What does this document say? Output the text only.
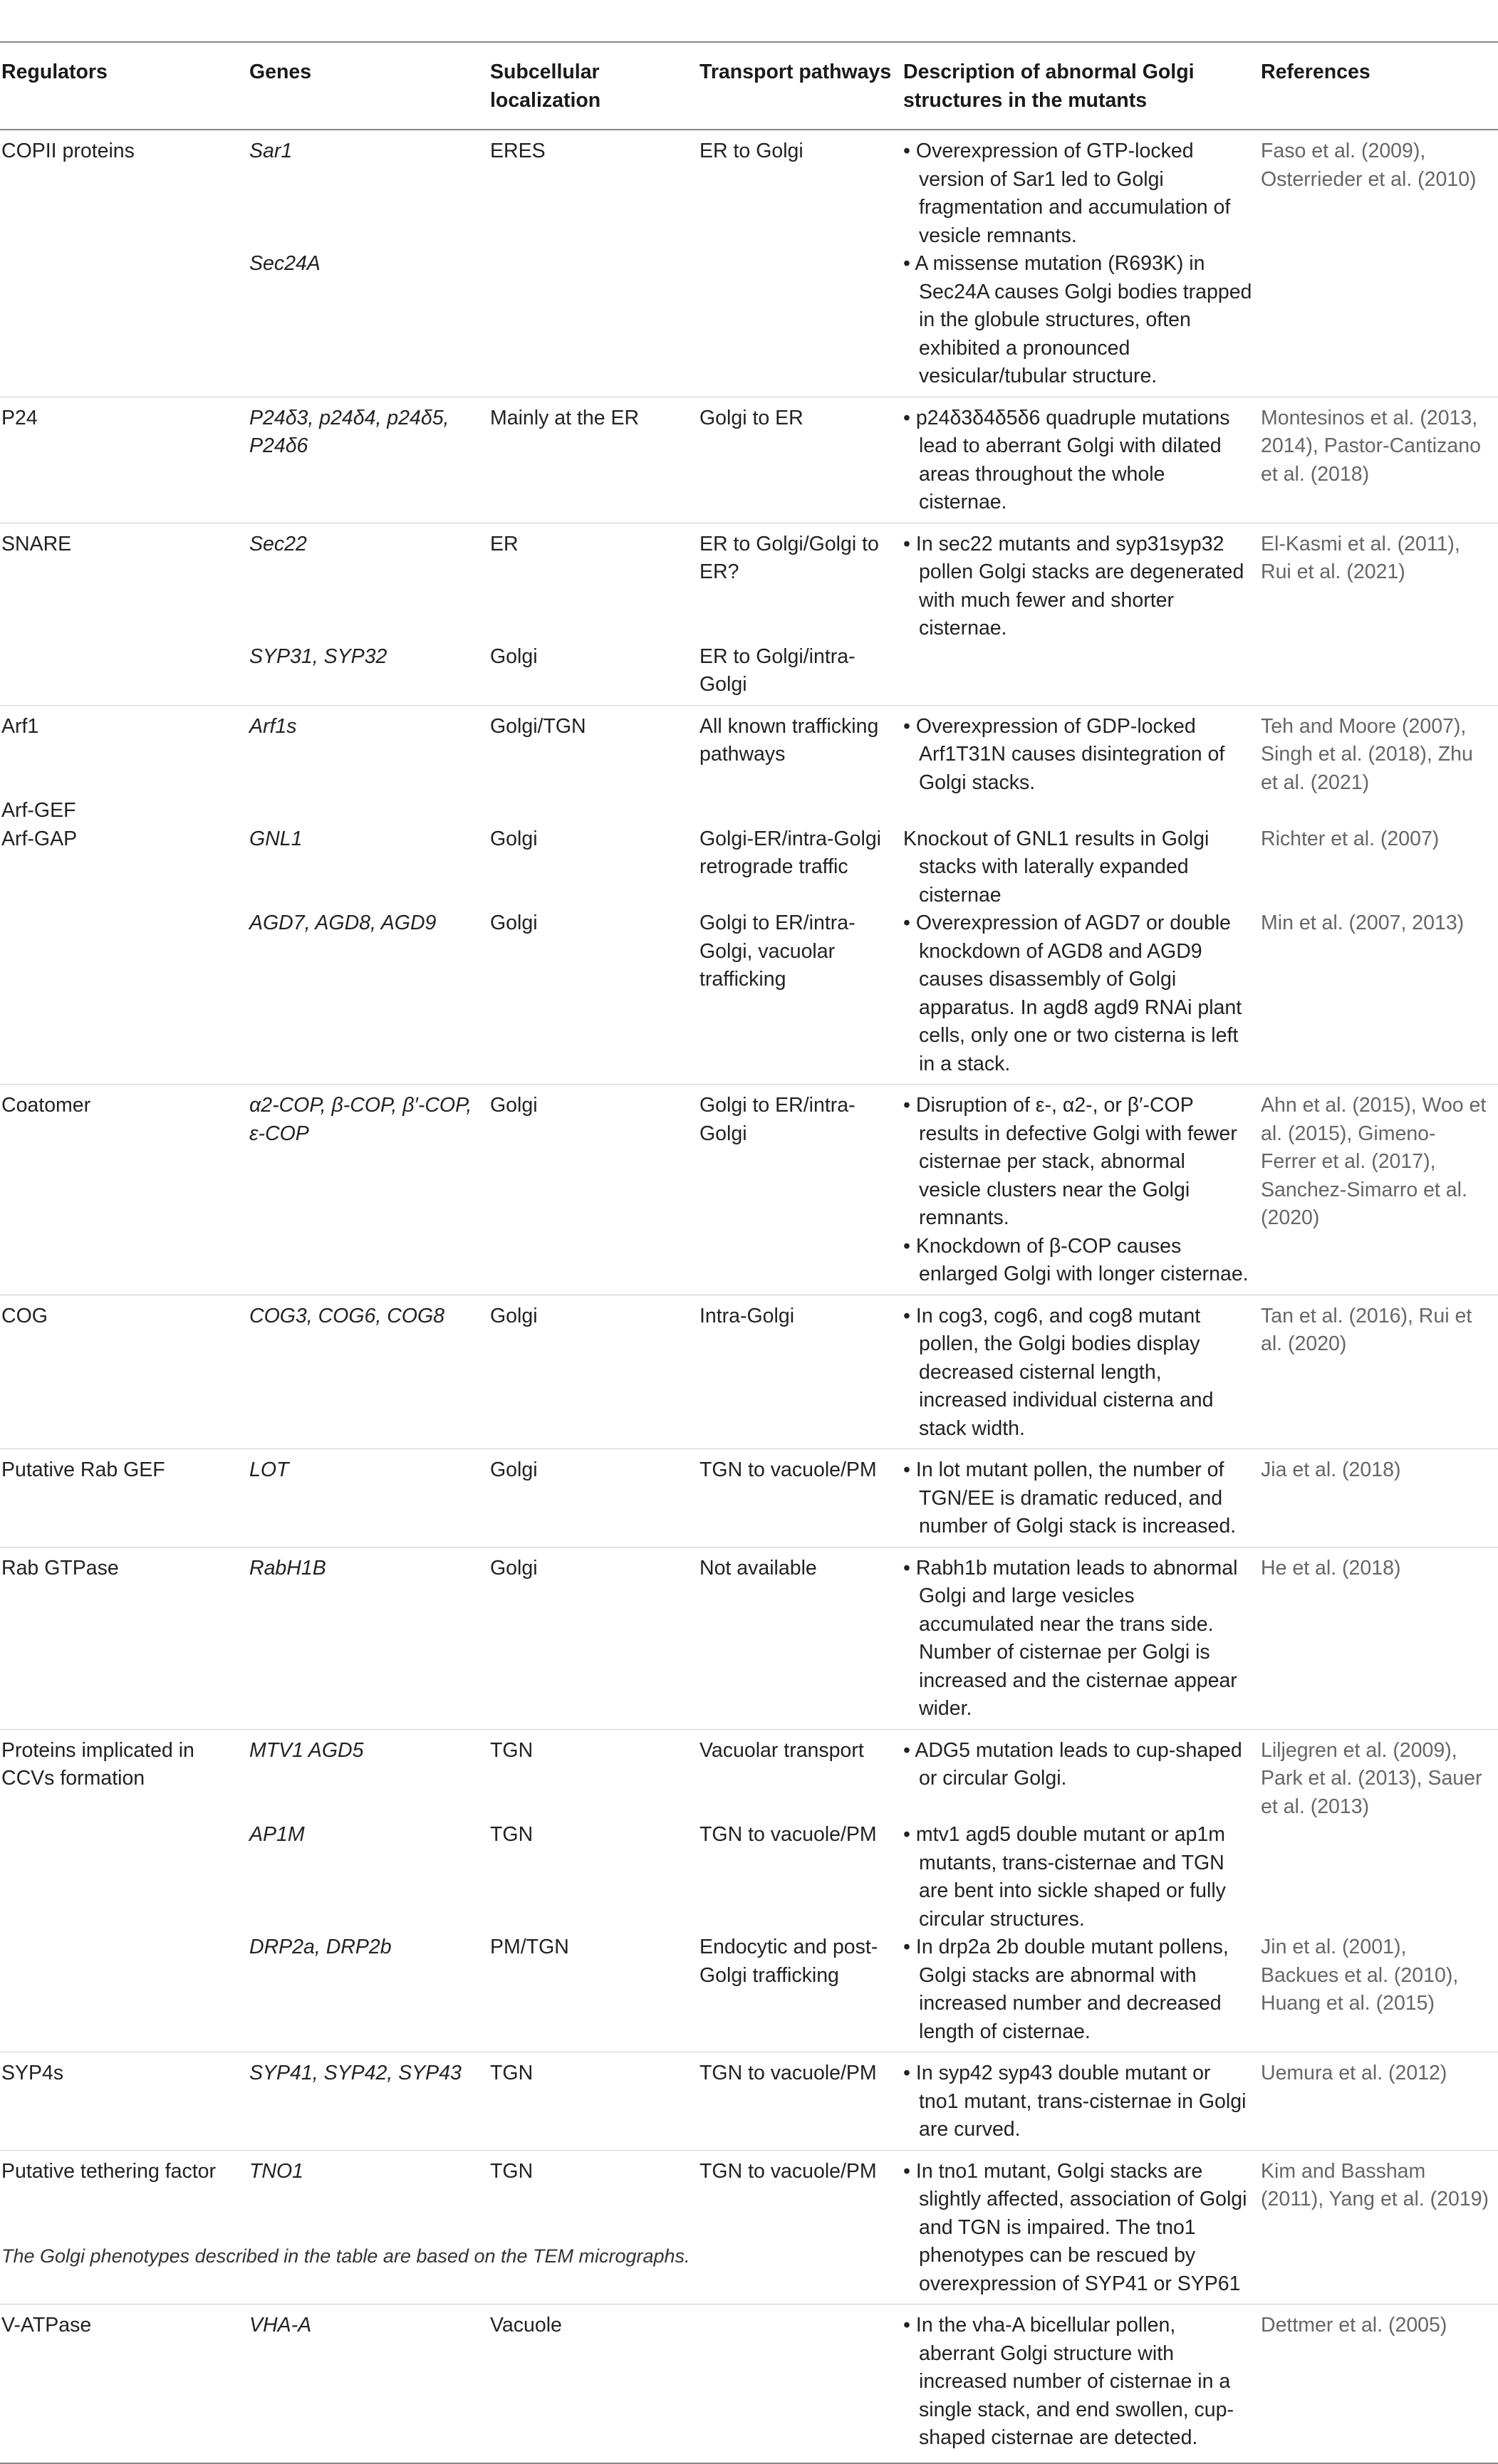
Regulators	Genes	Subcellular localization	Transport pathways	Description of abnormal Golgi structures in the mutants	References
COPII proteins	Sar1	ERES	ER to Golgi	• Overexpression of GTP-locked version of Sar1 led to Golgi fragmentation and accumulation of vesicle remnants.	Faso et al. (2009), Osterrieder et al. (2010)
	Sec24A			• A missense mutation (R693K) in Sec24A causes Golgi bodies trapped in the globule structures, often exhibited a pronounced vesicular/tubular structure.	

P24	P24δ3, p24δ4, p24δ5, P24δ6	Mainly at the ER	Golgi to ER	• p24δ3δ4δ5δ6 quadruple mutations lead to aberrant Golgi with dilated areas throughout the whole cisternae.	Montesinos et al. (2013, 2014), Pastor-Cantizano et al. (2018)
SNARE	Sec22	ER	ER to Golgi/Golgi to ER?	• In sec22 mutants and syp31syp32 pollen Golgi stacks are degenerated with much fewer and shorter cisternae.	El-Kasmi et al. (2011), Rui et al. (2021)
	SYP31, SYP32	Golgi	ER to Golgi/intra-Golgi	

Arf1	Arf1s	Golgi/TGN	All known trafficking pathways	• Overexpression of GDP-locked Arf1T31N causes disintegration of Golgi stacks.	Teh and Moore (2007), Singh et al. (2018), Zhu et al. (2021)
Arf-GEF				

Arf-GAP	GNL1	Golgi	Golgi-ER/intra-Golgi retrograde traffic	Knockout of GNL1 results in Golgi stacks with laterally expanded cisternae	Richter et al. (2007)
	AGD7, AGD8, AGD9	Golgi	Golgi to ER/intra-Golgi, vacuolar trafficking	• Overexpression of AGD7 or double knockdown of AGD8 and AGD9 causes disassembly of Golgi apparatus. In agd8 agd9 RNAi plant cells, only one or two cisterna is left in a stack.	Min et al. (2007, 2013)
Coatomer	α2-COP, β-COP, β′-COP, ε-COP	Golgi	Golgi to ER/intra-Golgi	• Disruption of ε-, α2-, or β′-COP results in defective Golgi with fewer cisternae per stack, abnormal vesicle clusters near the Golgi remnants.	Ahn et al. (2015), Woo et al. (2015), Gimeno-Ferrer et al. (2017), Sanchez-Simarro et al. (2020)

				• Knockdown of β-COP causes enlarged Golgi with longer cisternae.	

COG	COG3, COG6, COG8	Golgi	Intra-Golgi	• In cog3, cog6, and cog8 mutant pollen, the Golgi bodies display decreased cisternal length, increased individual cisterna and stack width.	Tan et al. (2016), Rui et al. (2020)
Putative Rab GEF	LOT	Golgi	TGN to vacuole/PM	• In lot mutant pollen, the number of TGN/EE is dramatic reduced, and number of Golgi stack is increased.	Jia et al. (2018)
Rab GTPase	RabH1B	Golgi	Not available	• Rabh1b mutation leads to abnormal Golgi and large vesicles accumulated near the trans side. Number of cisternae per Golgi is increased and the cisternae appear wider.	He et al. (2018)
Proteins implicated in CCVs formation	MTV1 AGD5	TGN	Vacuolar transport	• ADG5 mutation leads to cup-shaped or circular Golgi.	Liljegren et al. (2009), Park et al. (2013), Sauer et al. (2013)
	AP1M	TGN	TGN to vacuole/PM	• mtv1 agd5 double mutant or ap1m mutants, trans-cisternae and TGN are bent into sickle shaped or fully circular structures.	

	DRP2a, DRP2b	PM/TGN	Endocytic and post-Golgi trafficking	• In drp2a 2b double mutant pollens, Golgi stacks are abnormal with increased number and decreased length of cisternae.	Jin et al. (2001), Backues et al. (2010), Huang et al. (2015)
SYP4s	SYP41, SYP42, SYP43	TGN	TGN to vacuole/PM	• In syp42 syp43 double mutant or tno1 mutant, trans-cisternae in Golgi are curved.	Uemura et al. (2012)
Putative tethering factor	TNO1	TGN	TGN to vacuole/PM	• In tno1 mutant, Golgi stacks are slightly affected, association of Golgi and TGN is impaired. The tno1 phenotypes can be rescued by overexpression of SYP41 or SYP61	Kim and Bassham (2011), Yang et al. (2019)
V-ATPase	VHA-A	Vacuole		• In the vha-A bicellular pollen, aberrant Golgi structure with increased number of cisternae in a single stack, and end swollen, cup-shaped cisternae are detected.	Dettmer et al. (2005)
The Golgi phenotypes described in the table are based on the TEM micrographs.
